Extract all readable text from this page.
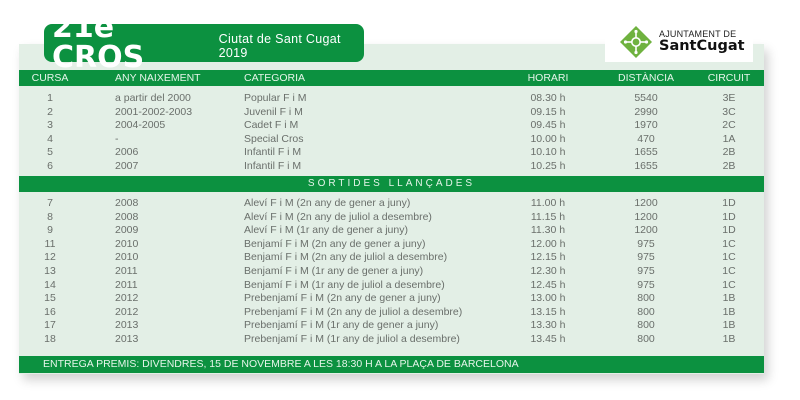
21è CROS
Ciutat de Sant Cugat 2019
AJUNTAMENT DE
SantCugat
CURSA	ANY NAIXEMENT	CATEGORIA	HORARI	DISTÀNCIA	CIRCUIT
1	a partir del 2000	Popular F i M	08.30 h	5540	3E
2	2001-2002-2003	Juvenil F i M	09.15 h	2990	3C
3	2004-2005	Cadet F i M	09.45 h	1970	2C
4	-	Special Cros	10.00 h	470	1A
5	2006	Infantil F i M	10.10 h	1655	2B
6	2007	Infantil F i M	10.25 h	1655	2B
SORTIDES LLANÇADES
7	2008	Aleví F i M (2n any de gener a juny)	11.00 h	1200	1D
8	2008	Aleví F i M (2n any de juliol a desembre)	11.15 h	1200	1D
9	2009	Aleví F i M (1r any de gener a juny)	11.30 h	1200	1D
11	2010	Benjamí F i M (2n any de gener a juny)	12.00 h	975	1C
12	2010	Benjamí F i M (2n any de juliol a desembre)	12.15 h	975	1C
13	2011	Benjamí F i M (1r any de gener a juny)	12.30 h	975	1C
14	2011	Benjamí F i M (1r any de juliol a desembre)	12.45 h	975	1C
15	2012	Prebenjamí F i M (2n any de gener a juny)	13.00 h	800	1B
16	2012	Prebenjamí F i M (2n any de juliol a desembre)	13.15 h	800	1B
17	2013	Prebenjamí F i M (1r any de gener a juny)	13.30 h	800	1B
18	2013	Prebenjamí F i M (1r any de juliol a desembre)	13.45 h	800	1B
ENTREGA PREMIS: DIVENDRES, 15 DE NOVEMBRE A LES 18:30 H A LA PLAÇA DE BARCELONA
